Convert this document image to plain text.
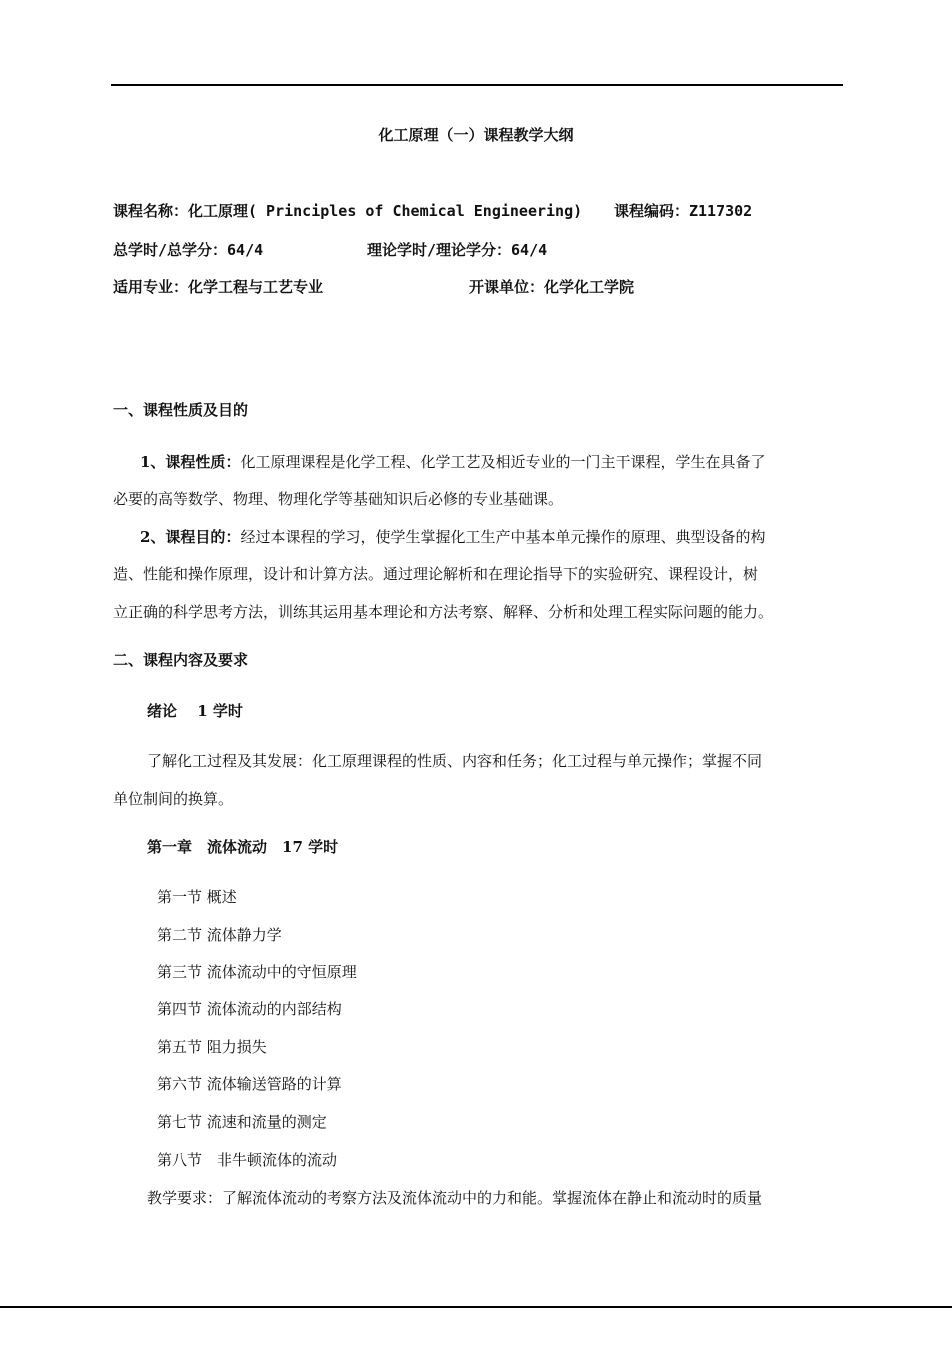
化工原理（一）课程教学大纲
课程名称：化工原理( Principles of Chemical Engineering) 课程编码：Z117302
总学时/总学分：64/4	理论学时/理论学分：64/4
适用专业：化学工程与工艺专业	开课单位：化学化工学院
一、课程性质及目的
1、课程性质：化工原理课程是化学工程、化学工艺及相近专业的一门主干课程，学生在具备了
必要的高等数学、物理、物理化学等基础知识后必修的专业基础课。
2、课程目的：经过本课程的学习，使学生掌握化工生产中基本单元操作的原理、典型设备的构
造、性能和操作原理，设计和计算方法。通过理论解析和在理论指导下的实验研究、课程设计，树
立正确的科学思考方法，训练其运用基本理论和方法考察、解释、分析和处理工程实际问题的能力。
二、课程内容及要求
绪论　 1 学时
了解化工过程及其发展：化工原理课程的性质、内容和任务；化工过程与单元操作；掌握不同
单位制间的换算。
第一章　流体流动　17 学时
第一节 概述
第二节 流体静力学
第三节 流体流动中的守恒原理
第四节 流体流动的内部结构
第五节 阻力损失
第六节 流体输送管路的计算
第七节 流速和流量的测定
第八节　非牛顿流体的流动
教学要求：了解流体流动的考察方法及流体流动中的力和能。掌握流体在静止和流动时的质量
